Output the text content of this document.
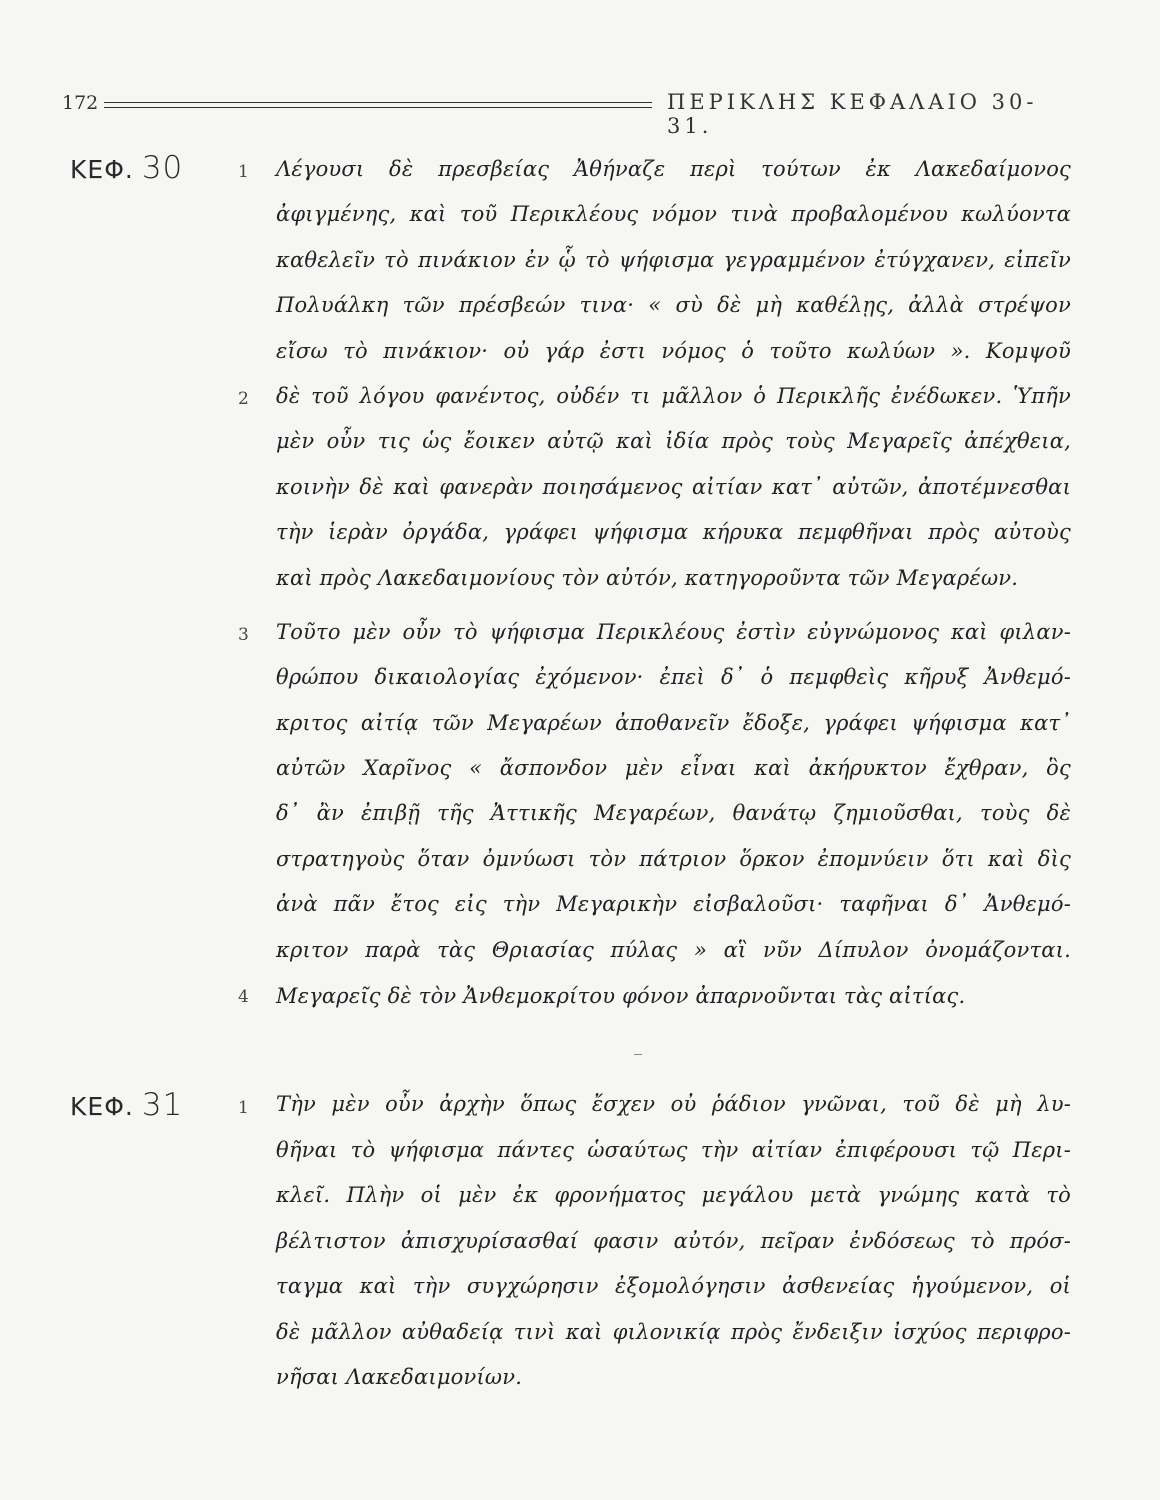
172	ΠΕΡΙΚΛΗΣ ΚΕΦΑΛΑΙΟ 30-31.
ΚΕΦ. 30	1
2
3
4
Λέγουσι δὲ πρεσβείας Ἀθήναζε περὶ τούτων ἐκ Λακεδαίμονος
ἀφιγμένης, καὶ τοῦ Περικλέους νόμον τινὰ προβαλομένου κωλύοντα
καθελεῖν τὸ πινάκιον ἐν ᾧ τὸ ψήφισμα γεγραμμένον ἐτύγχανεν, εἰπεῖν
Πολυάλκη τῶν πρέσβεών τινα· « σὺ δὲ μὴ καθέλῃς, ἀλλὰ στρέψον
εἴσω τὸ πινάκιον· οὐ γάρ ἐστι νόμος ὁ τοῦτο κωλύων ». Κομψοῦ
δὲ τοῦ λόγου φανέντος, οὐδέν τι μᾶλλον ὁ Περικλῆς ἐνέδωκεν. Ὑπῆν
μὲν οὖν τις ὡς ἔοικεν αὐτῷ καὶ ἰδία πρὸς τοὺς Μεγαρεῖς ἀπέχθεια,
κοινὴν δὲ καὶ φανερὰν ποιησάμενος αἰτίαν κατ᾽ αὐτῶν, ἀποτέμνεσθαι
τὴν ἱερὰν ὀργάδα, γράφει ψήφισμα κήρυκα πεμφθῆναι πρὸς αὐτοὺς
καὶ πρὸς Λακεδαιμονίους τὸν αὐτόν, κατηγοροῦντα τῶν Μεγαρέων.
Τοῦτο μὲν οὖν τὸ ψήφισμα Περικλέους ἐστὶν εὐγνώμονος καὶ φιλαν-
θρώπου δικαιολογίας ἐχόμενον· ἐπεὶ δ᾽ ὁ πεμφθεὶς κῆρυξ Ἀνθεμό-
κριτος αἰτίᾳ τῶν Μεγαρέων ἀποθανεῖν ἔδοξε, γράφει ψήφισμα κατ᾽
αὐτῶν Χαρῖνος « ἄσπονδον μὲν εἶναι καὶ ἀκήρυκτον ἔχθραν, ὃς
δ᾽ ἂν ἐπιβῇ τῆς Ἀττικῆς Μεγαρέων, θανάτῳ ζημιοῦσθαι, τοὺς δὲ
στρατηγοὺς ὅταν ὀμνύωσι τὸν πάτριον ὅρκον ἐπομνύειν ὅτι καὶ δὶς
ἀνὰ πᾶν ἔτος εἰς τὴν Μεγαρικὴν εἰσβαλοῦσι· ταφῆναι δ᾽ Ἀνθεμό-
κριτον παρὰ τὰς Θριασίας πύλας » αἳ νῦν Δίπυλον ὀνομάζονται.
Μεγαρεῖς δὲ τὸν Ἀνθεμοκρίτου φόνον ἀπαρνοῦνται τὰς αἰτίας.
ΚΕΦ. 31	1 Τὴν μὲν οὖν ἀρχὴν ὅπως ἔσχεν οὐ ῥάδιον γνῶναι, τοῦ δὲ μὴ λυ-
θῆναι τὸ ψήφισμα πάντες ὡσαύτως τὴν αἰτίαν ἐπιφέρουσι τῷ Περι-
κλεῖ. Πλὴν οἱ μὲν ἐκ φρονήματος μεγάλου μετὰ γνώμης κατὰ τὸ
βέλτιστον ἀπισχυρίσασθαί φασιν αὐτόν, πεῖραν ἐνδόσεως τὸ πρόσ-
ταγμα καὶ τὴν συγχώρησιν ἐξομολόγησιν ἀσθενείας ἡγούμενον, οἱ
δὲ μᾶλλον αὐθαδείᾳ τινὶ καὶ φιλονικίᾳ πρὸς ἔνδειξιν ἰσχύος περιφρο-
νῆσαι Λακεδαιμονίων.
